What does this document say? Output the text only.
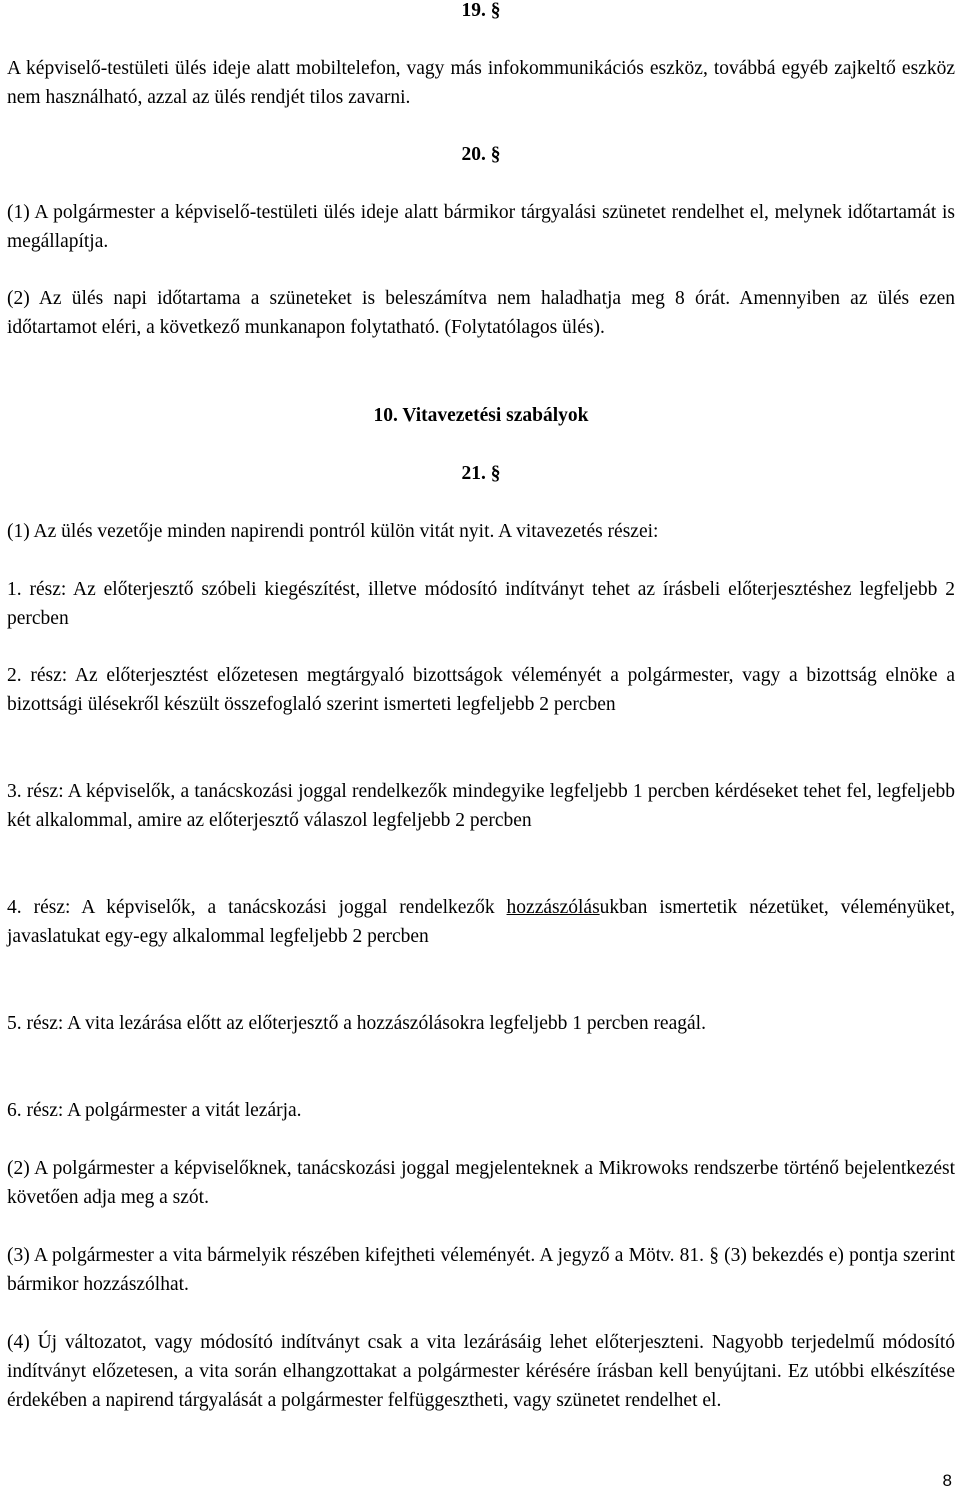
19. §

A képviselő-testületi ülés ideje alatt mobiltelefon, vagy más infokommunikációs eszköz, továbbá egyéb zajkeltő eszköz nem használható, azzal az ülés rendjét tilos zavarni.

20. §

(1) A polgármester a képviselő-testületi ülés ideje alatt bármikor tárgyalási szünetet rendelhet el, melynek időtartamát is megállapítja.

(2) Az ülés napi időtartama a szüneteket is beleszámítva nem haladhatja meg 8 órát. Amennyiben az ülés ezen időtartamot eléri, a következő munkanapon folytatható. (Folytatólagos ülés).

10. Vitavezetési szabályok
21. §

(1) Az ülés vezetője minden napirendi pontról külön vitát nyit. A vitavezetés részei:

1. rész: Az előterjesztő szóbeli kiegészítést, illetve módosító indítványt tehet az írásbeli előterjesztéshez legfeljebb 2 percben

2. rész: Az előterjesztést előzetesen megtárgyaló bizottságok véleményét a polgármester, vagy a bizottság elnöke a bizottsági ülésekről készült összefoglaló szerint ismerteti legfeljebb 2 percben

3. rész: A képviselők, a tanácskozási joggal rendelkezők mindegyike legfeljebb 1 percben kérdéseket tehet fel, legfeljebb két alkalommal, amire az előterjesztő válaszol legfeljebb 2 percben

4. rész: A képviselők, a tanácskozási joggal rendelkezők hozzászólásukban ismertetik nézetüket, véleményüket, javaslatukat egy-egy alkalommal legfeljebb 2 percben

5. rész: A vita lezárása előtt az előterjesztő a hozzászólásokra legfeljebb 1 percben reagál.

6. rész: A polgármester a vitát lezárja.

(2) A polgármester a képviselőknek, tanácskozási joggal megjelenteknek a Mikrowoks rendszerbe történő bejelentkezést követően adja meg a szót.

(3) A polgármester a vita bármelyik részében kifejtheti véleményét. A jegyző a Mötv. 81. § (3) bekezdés e) pontja szerint bármikor hozzászólhat.

(4) Új változatot, vagy módosító indítványt csak a vita lezárásáig lehet előterjeszteni. Nagyobb terjedelmű módosító indítványt előzetesen, a vita során elhangzottakat a polgármester kérésére írásban kell benyújtani. Ez utóbbi elkészítése érdekében a napirend tárgyalását a polgármester felfüggesztheti, vagy szünetet rendelhet el.

8
